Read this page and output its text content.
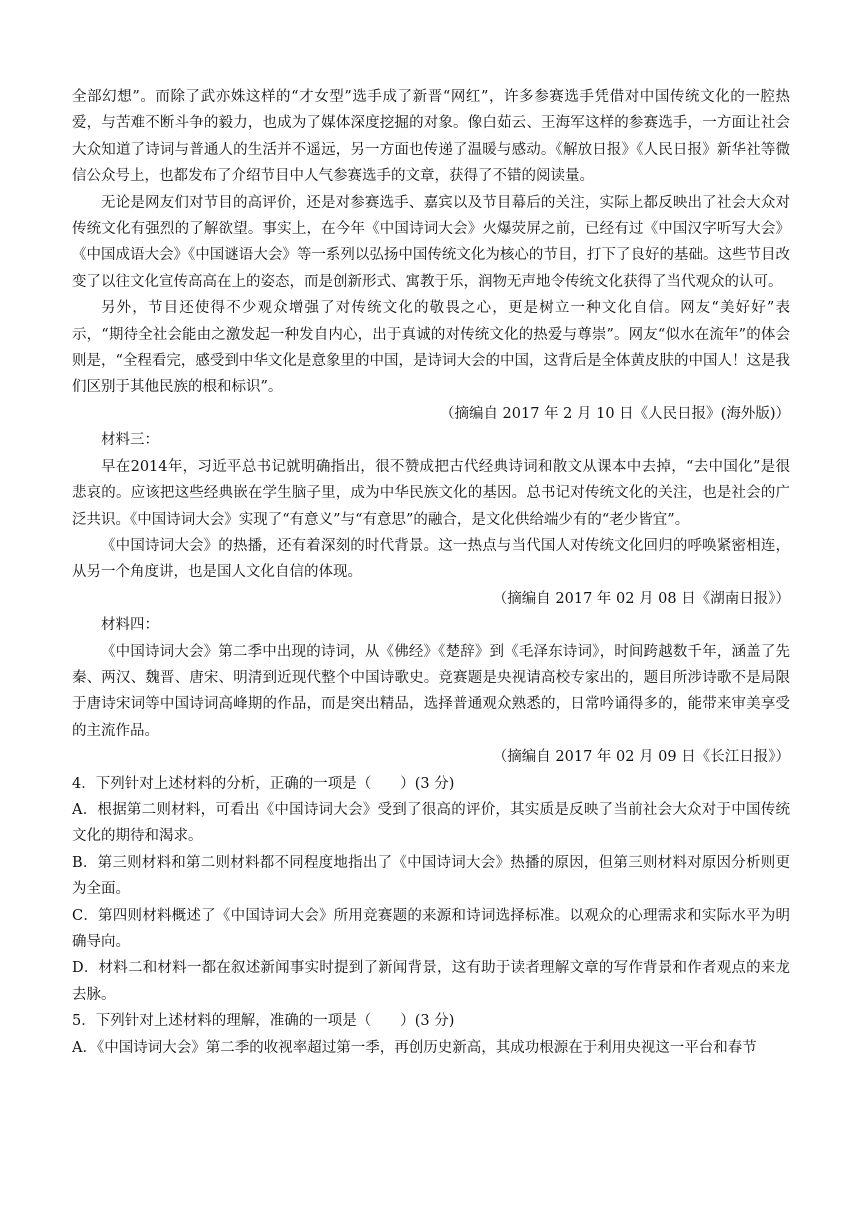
全部幻想”。而除了武亦姝这样的“才女型”选手成了新晋“网红”，许多参赛选手凭借对中国传统文化的一腔热爱，与苦难不断斗争的毅力，也成为了媒体深度挖掘的对象。像白茹云、王海军这样的参赛选手，一方面让社会大众知道了诗词与普通人的生活并不遥远，另一方面也传递了温暖与感动。《解放日报》《人民日报》新华社等微信公众号上，也都发布了介绍节目中人气参赛选手的文章，获得了不错的阅读量。

无论是网友们对节目的高评价，还是对参赛选手、嘉宾以及节目幕后的关注，实际上都反映出了社会大众对传统文化有强烈的了解欲望。事实上，在今年《中国诗词大会》火爆荧屏之前，已经有过《中国汉字听写大会》《中国成语大会》《中国谜语大会》等一系列以弘扬中国传统文化为核心的节目，打下了良好的基础。这些节目改变了以往文化宣传高高在上的姿态，而是创新形式、寓教于乐，润物无声地令传统文化获得了当代观众的认可。

另外，节目还使得不少观众增强了对传统文化的敬畏之心，更是树立一种文化自信。网友“美好好”表示，“期待全社会能由之激发起一种发自内心，出于真诚的对传统文化的热爱与尊崇”。网友“似水在流年”的体会则是，“全程看完，感受到中华文化是意象里的中国，是诗词大会的中国，这背后是全体黄皮肤的中国人！这是我们区别于其他民族的根和标识”。

（摘编自 2017 年 2 月 10 日《人民日报》(海外版)）

材料三：

早在2014年，习近平总书记就明确指出，很不赞成把古代经典诗词和散文从课本中去掉，“去中国化”是很悲哀的。应该把这些经典嵌在学生脑子里，成为中华民族文化的基因。总书记对传统文化的关注，也是社会的广泛共识。《中国诗词大会》实现了“有意义”与“有意思”的融合，是文化供给端少有的“老少皆宜”。

《中国诗词大会》的热播，还有着深刻的时代背景。这一热点与当代国人对传统文化回归的呼唤紧密相连，从另一个角度讲，也是国人文化自信的体现。

（摘编自 2017 年 02 月 08 日《湖南日报》）

材料四：

《中国诗词大会》第二季中出现的诗词，从《佛经》《楚辞》到《毛泽东诗词》，时间跨越数千年，涵盖了先秦、两汉、魏晋、唐宋、明清到近现代整个中国诗歌史。竞赛题是央视请高校专家出的，题目所涉诗歌不是局限于唐诗宋词等中国诗词高峰期的作品，而是突出精品，选择普通观众熟悉的，日常吟诵得多的，能带来审美享受的主流作品。

（摘编自 2017 年 02 月 09 日《长江日报》）

4．下列针对上述材料的分析，正确的一项是（　　）(3 分)

A．根据第二则材料，可看出《中国诗词大会》受到了很高的评价，其实质是反映了当前社会大众对于中国传统文化的期待和渴求。

B．第三则材料和第二则材料都不同程度地指出了《中国诗词大会》热播的原因，但第三则材料对原因分析则更为全面。

C．第四则材料概述了《中国诗词大会》所用竞赛题的来源和诗词选择标准。以观众的心理需求和实际水平为明确导向。

D．材料二和材料一都在叙述新闻事实时提到了新闻背景，这有助于读者理解文章的写作背景和作者观点的来龙去脉。

5．下列针对上述材料的理解，准确的一项是（　　）(3 分)

A．《中国诗词大会》第二季的收视率超过第一季，再创历史新高，其成功根源在于利用央视这一平台和春节
